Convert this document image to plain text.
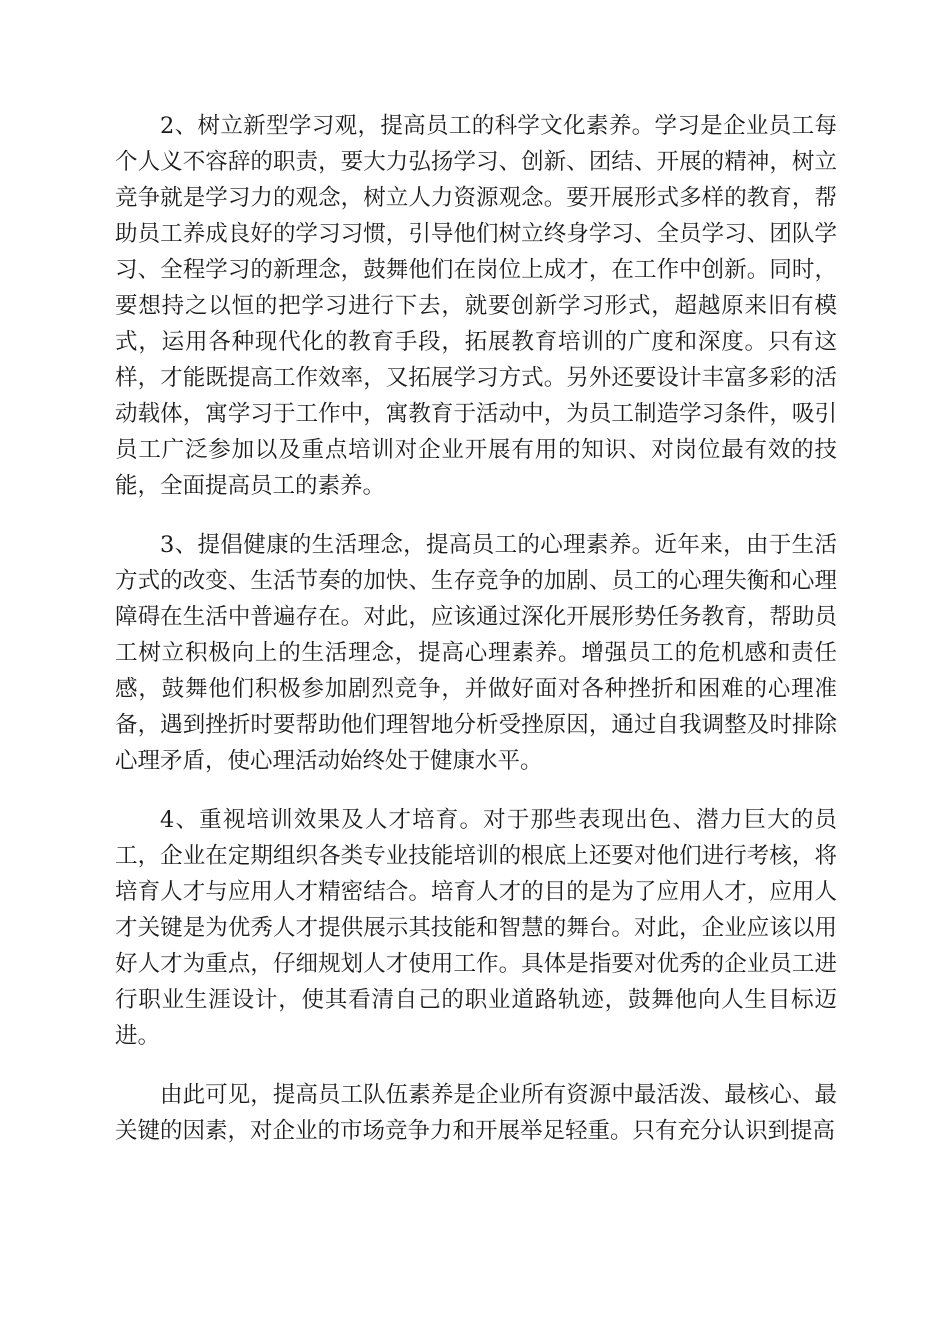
2、树立新型学习观，提高员工的科学文化素养。学习是企业员工每个人义不容辞的职责，要大力弘扬学习、创新、团结、开展的精神，树立竞争就是学习力的观念，树立人力资源观念。要开展形式多样的教育，帮助员工养成良好的学习习惯，引导他们树立终身学习、全员学习、团队学习、全程学习的新理念，鼓舞他们在岗位上成才，在工作中创新。同时，要想持之以恒的把学习进行下去，就要创新学习形式，超越原来旧有模式，运用各种现代化的教育手段，拓展教育培训的广度和深度。只有这样，才能既提高工作效率，又拓展学习方式。另外还要设计丰富多彩的活动载体，寓学习于工作中，寓教育于活动中，为员工制造学习条件，吸引员工广泛参加以及重点培训对企业开展有用的知识、对岗位最有效的技能，全面提高员工的素养。

3、提倡健康的生活理念，提高员工的心理素养。近年来，由于生活方式的改变、生活节奏的加快、生存竞争的加剧、员工的心理失衡和心理障碍在生活中普遍存在。对此，应该通过深化开展形势任务教育，帮助员工树立积极向上的生活理念，提高心理素养。增强员工的危机感和责任感，鼓舞他们积极参加剧烈竞争，并做好面对各种挫折和困难的心理准备，遇到挫折时要帮助他们理智地分析受挫原因，通过自我调整及时排除心理矛盾，使心理活动始终处于健康水平。

4、重视培训效果及人才培育。对于那些表现出色、潜力巨大的员工，企业在定期组织各类专业技能培训的根底上还要对他们进行考核，将培育人才与应用人才精密结合。培育人才的目的是为了应用人才，应用人才关键是为优秀人才提供展示其技能和智慧的舞台。对此，企业应该以用好人才为重点，仔细规划人才使用工作。具体是指要对优秀的企业员工进行职业生涯设计，使其看清自己的职业道路轨迹，鼓舞他向人生目标迈进。

由此可见，提高员工队伍素养是企业所有资源中最活泼、最核心、最关键的因素，对企业的市场竞争力和开展举足轻重。只有充分认识到提高
